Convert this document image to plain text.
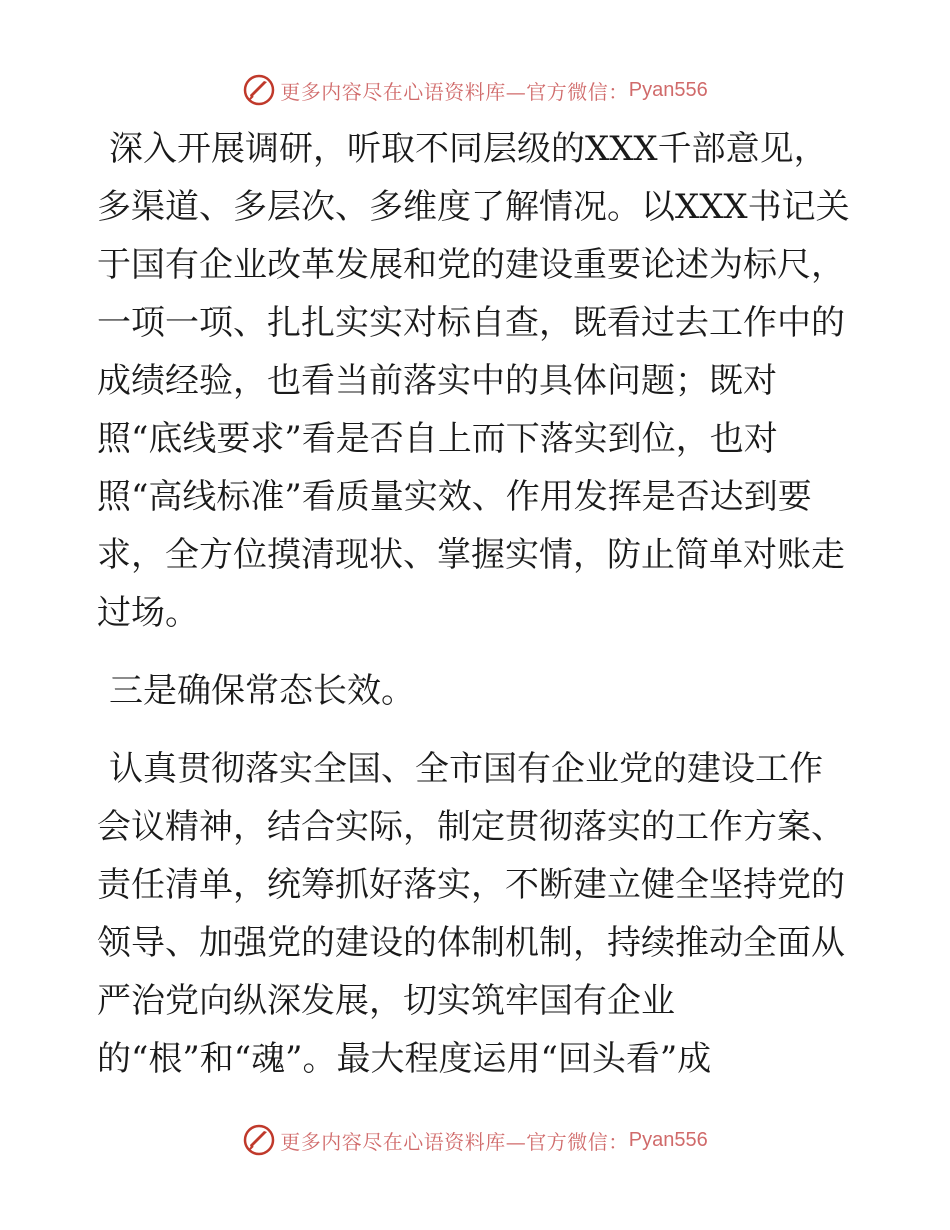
更多内容尽在心语资料库—官方微信： Pyan556
深入开展调研，听取不同层级的XXX千部意见，
多渠道、多层次、多维度了解情况。以XXX书记关
于国有企业改革发展和党的建设重要论述为标尺，
一项一项、扎扎实实对标自查，既看过去工作中的
成绩经验，也看当前落实中的具体问题；既对
照“底线要求”看是否自上而下落实到位，也对
照“高线标准”看质量实效、作用发挥是否达到要
求，全方位摸清现状、掌握实情，防止简单对账走
过场。
三是确保常态长效。
认真贯彻落实全国、全市国有企业党的建设工作
会议精神，结合实际，制定贯彻落实的工作方案、
责任清单，统筹抓好落实，不断建立健全坚持党的
领导、加强党的建设的体制机制，持续推动全面从
严治党向纵深发展，切实筑牢国有企业
的“根”和“魂”。最大程度运用“回头看”成
更多内容尽在心语资料库—官方微信： Pyan556
